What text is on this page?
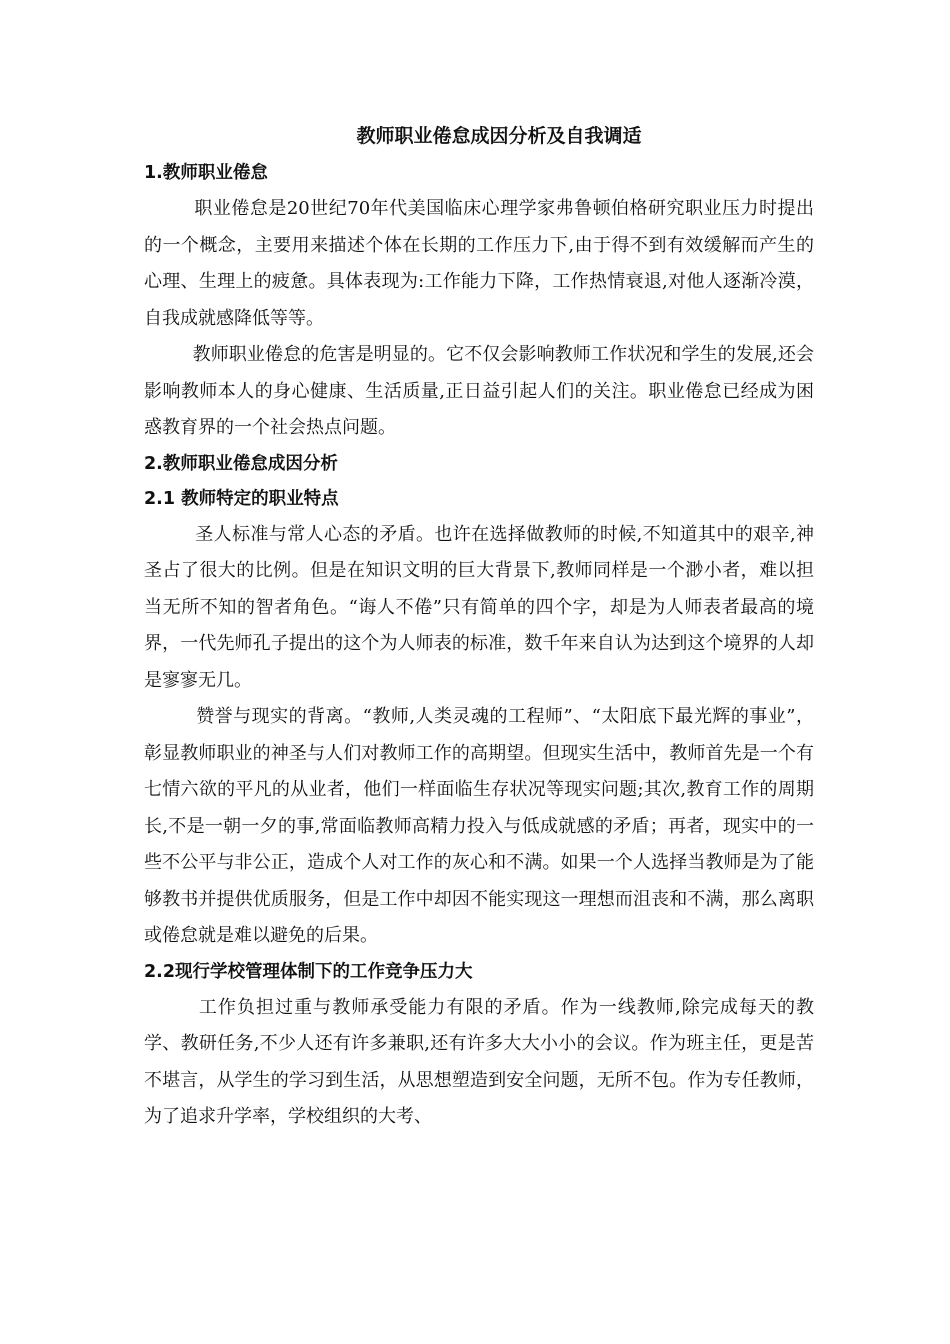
教师职业倦怠成因分析及自我调适
1.教师职业倦怠

职业倦怠是20世纪70年代美国临床心理学家弗鲁顿伯格研究职业压力时提出的一个概念，主要用来描述个体在长期的工作压力下,由于得不到有效缓解而产生的心理、生理上的疲惫。具体表现为:工作能力下降，工作热情衰退,对他人逐渐冷漠，自我成就感降低等等。

教师职业倦怠的危害是明显的。它不仅会影响教师工作状况和学生的发展,还会影响教师本人的身心健康、生活质量,正日益引起人们的关注。职业倦怠已经成为困惑教育界的一个社会热点问题。

2.教师职业倦怠成因分析
2.1 教师特定的职业特点

圣人标准与常人心态的矛盾。也许在选择做教师的时候,不知道其中的艰辛,神圣占了很大的比例。但是在知识文明的巨大背景下,教师同样是一个渺小者，难以担当无所不知的智者角色。“诲人不倦”只有简单的四个字，却是为人师表者最高的境界，一代先师孔子提出的这个为人师表的标准，数千年来自认为达到这个境界的人却是寥寥无几。

赞誉与现实的背离。“教师,人类灵魂的工程师”、“太阳底下最光辉的事业”，彰显教师职业的神圣与人们对教师工作的高期望。但现实生活中，教师首先是一个有七情六欲的平凡的从业者，他们一样面临生存状况等现实问题;其次,教育工作的周期长,不是一朝一夕的事,常面临教师高精力投入与低成就感的矛盾；再者，现实中的一些不公平与非公正，造成个人对工作的灰心和不满。如果一个人选择当教师是为了能够教书并提供优质服务，但是工作中却因不能实现这一理想而沮丧和不满，那么离职或倦怠就是难以避免的后果。

2.2现行学校管理体制下的工作竞争压力大

工作负担过重与教师承受能力有限的矛盾。作为一线教师,除完成每天的教学、教研任务,不少人还有许多兼职,还有许多大大小小的会议。作为班主任，更是苦不堪言，从学生的学习到生活，从思想塑造到安全问题，无所不包。作为专任教师，为了追求升学率，学校组织的大考、
